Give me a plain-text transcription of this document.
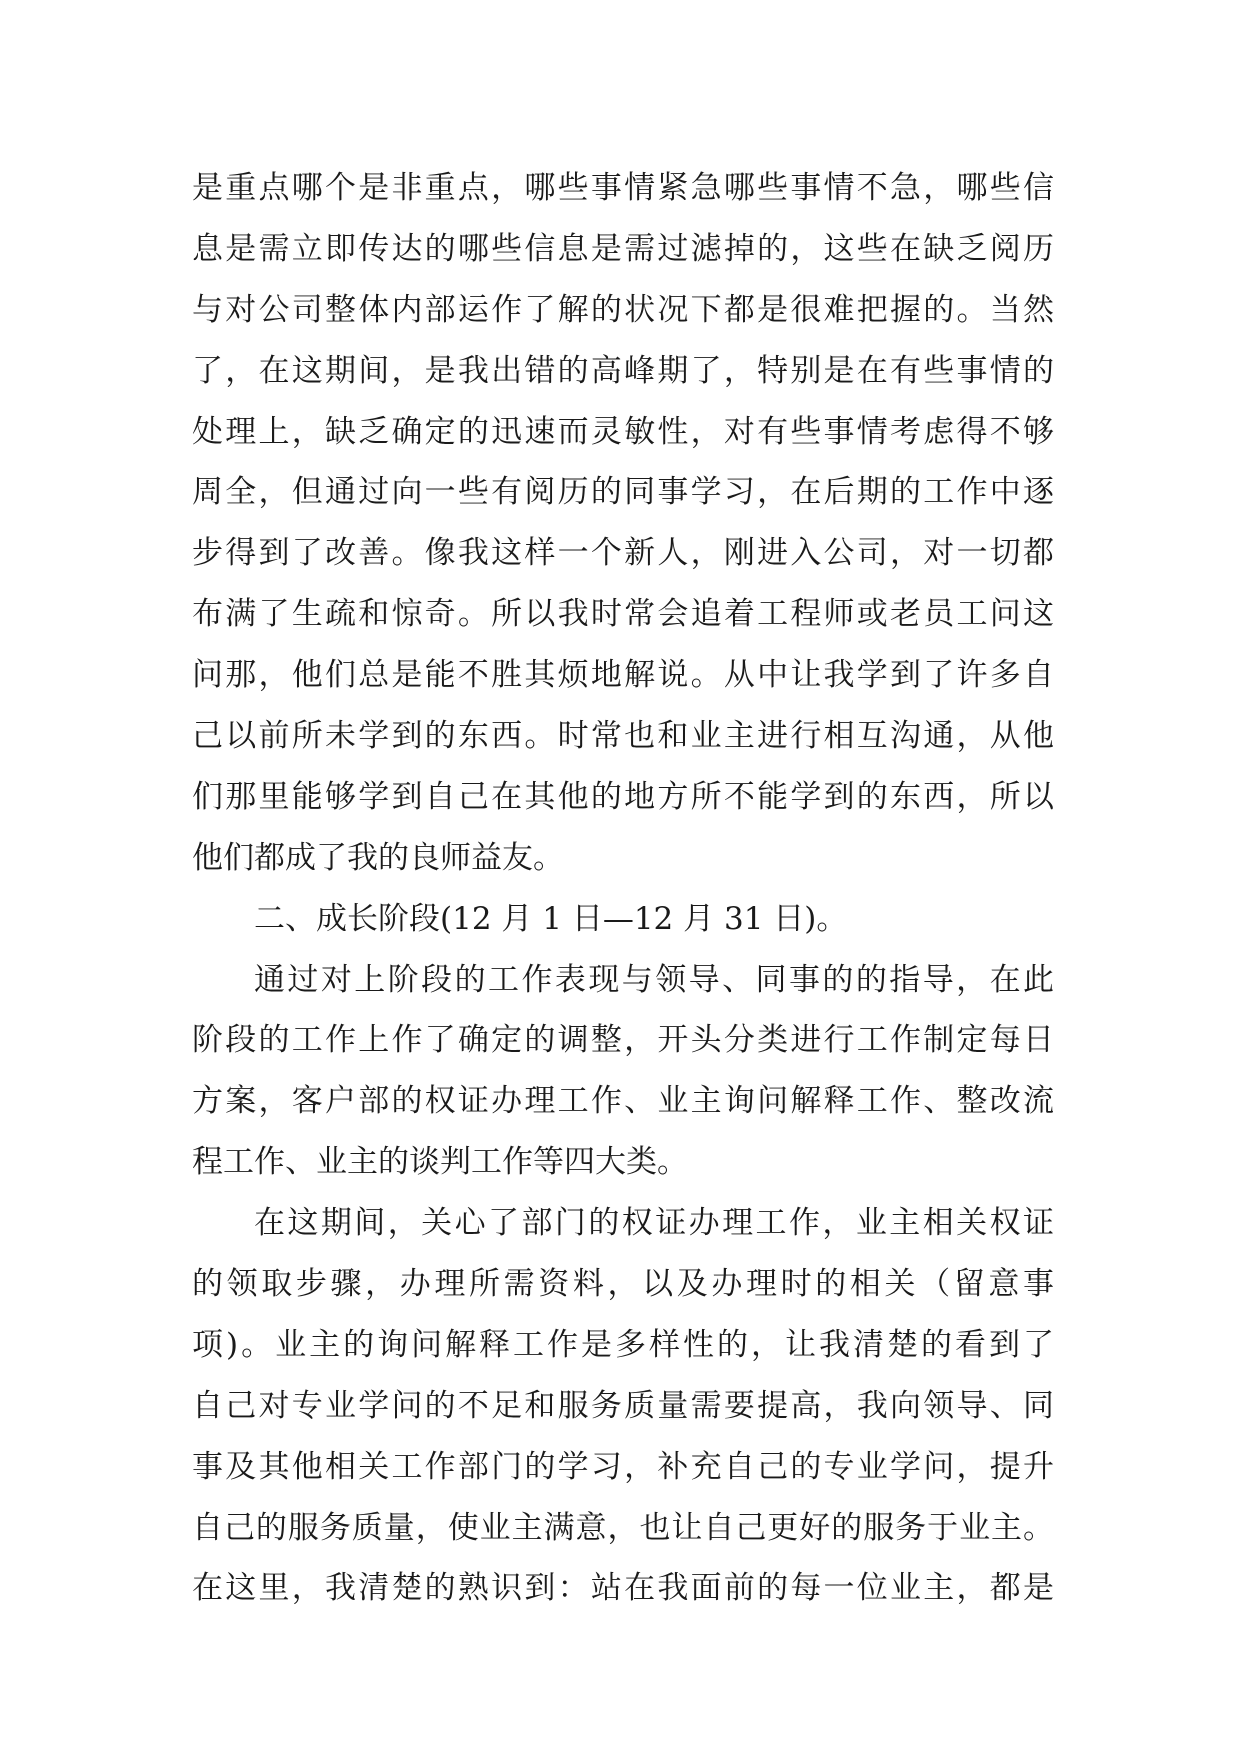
是重点哪个是非重点，哪些事情紧急哪些事情不急，哪些信
息是需立即传达的哪些信息是需过滤掉的，这些在缺乏阅历
与对公司整体内部运作了解的状况下都是很难把握的。当然
了，在这期间，是我出错的高峰期了，特别是在有些事情的
处理上，缺乏确定的迅速而灵敏性，对有些事情考虑得不够
周全，但通过向一些有阅历的同事学习，在后期的工作中逐
步得到了改善。像我这样一个新人，刚进入公司，对一切都
布满了生疏和惊奇。所以我时常会追着工程师或老员工问这
问那，他们总是能不胜其烦地解说。从中让我学到了许多自
己以前所未学到的东西。时常也和业主进行相互沟通，从他
们那里能够学到自己在其他的地方所不能学到的东西，所以
他们都成了我的良师益友。
二、成长阶段(12 月 1 日—12 月 31 日)。
通过对上阶段的工作表现与领导、同事的的指导，在此
阶段的工作上作了确定的调整，开头分类进行工作制定每日
方案，客户部的权证办理工作、业主询问解释工作、整改流
程工作、业主的谈判工作等四大类。
在这期间，关心了部门的权证办理工作，业主相关权证
的领取步骤，办理所需资料，以及办理时的相关（留意事
项)。业主的询问解释工作是多样性的，让我清楚的看到了
自己对专业学问的不足和服务质量需要提高，我向领导、同
事及其他相关工作部门的学习，补充自己的专业学问，提升
自己的服务质量，使业主满意，也让自己更好的服务于业主。
在这里，我清楚的熟识到：站在我面前的每一位业主，都是
